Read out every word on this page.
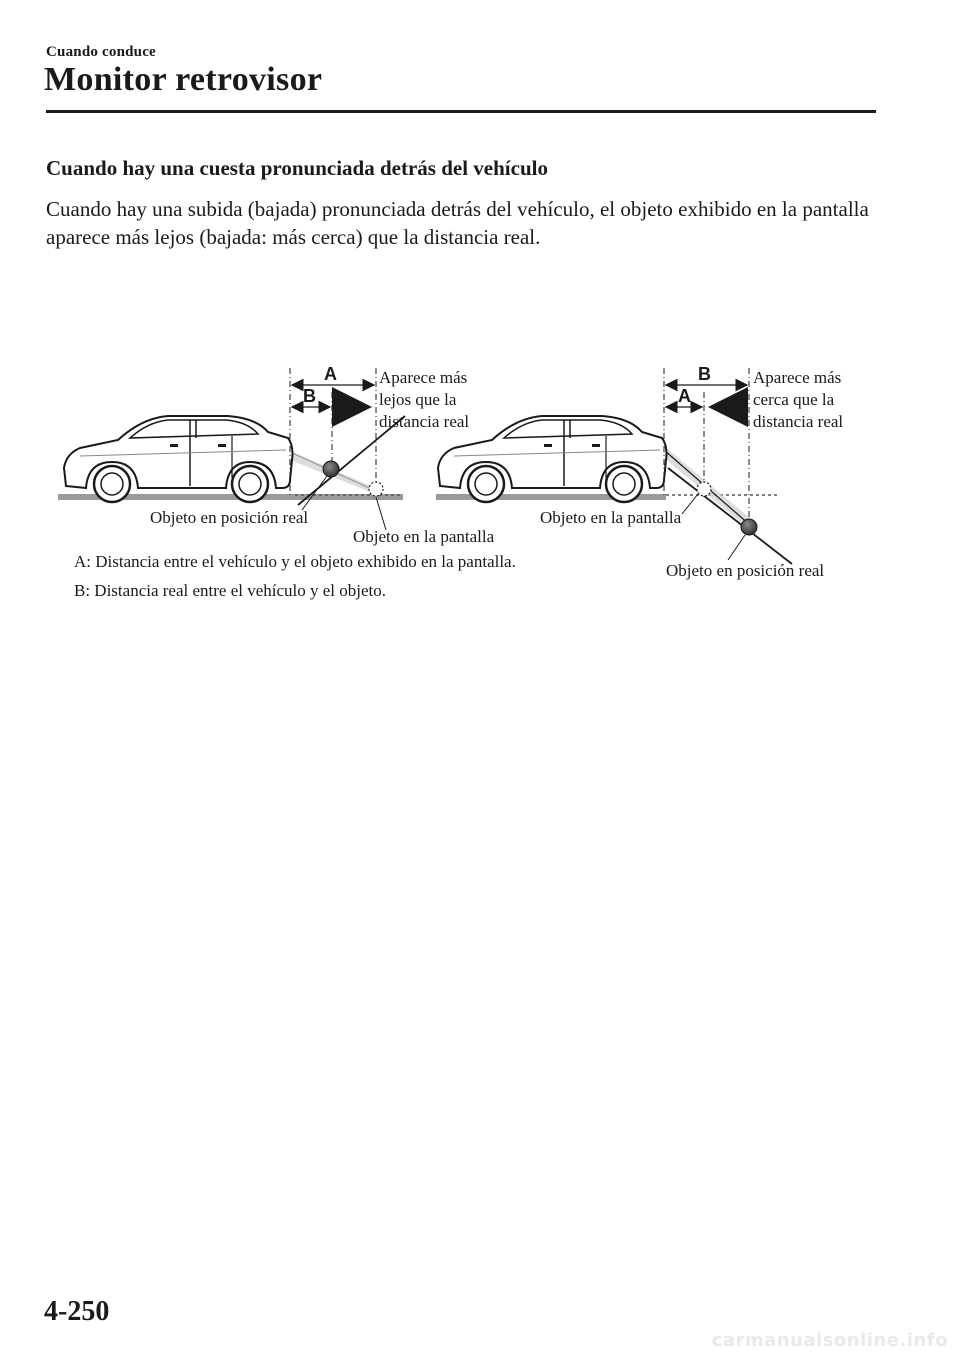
Cuando conduce
Monitor retrovisor
Cuando hay una cuesta pronunciada detrás del vehículo

Cuando hay una subida (bajada) pronunciada detrás del vehículo, el objeto exhibido en la pantalla aparece más lejos (bajada: más cerca) que la distancia real.

A
B
B
A
Aparece más lejos que la distancia real
Aparece más cerca que la distancia real
Objeto en posición real
Objeto en la pantalla
Objeto en la pantalla
Objeto en posición real
A: Distancia entre el vehículo y el objeto exhibido en la pantalla.
B: Distancia real entre el vehículo y el objeto.
4-250
carmanualsonline.info
